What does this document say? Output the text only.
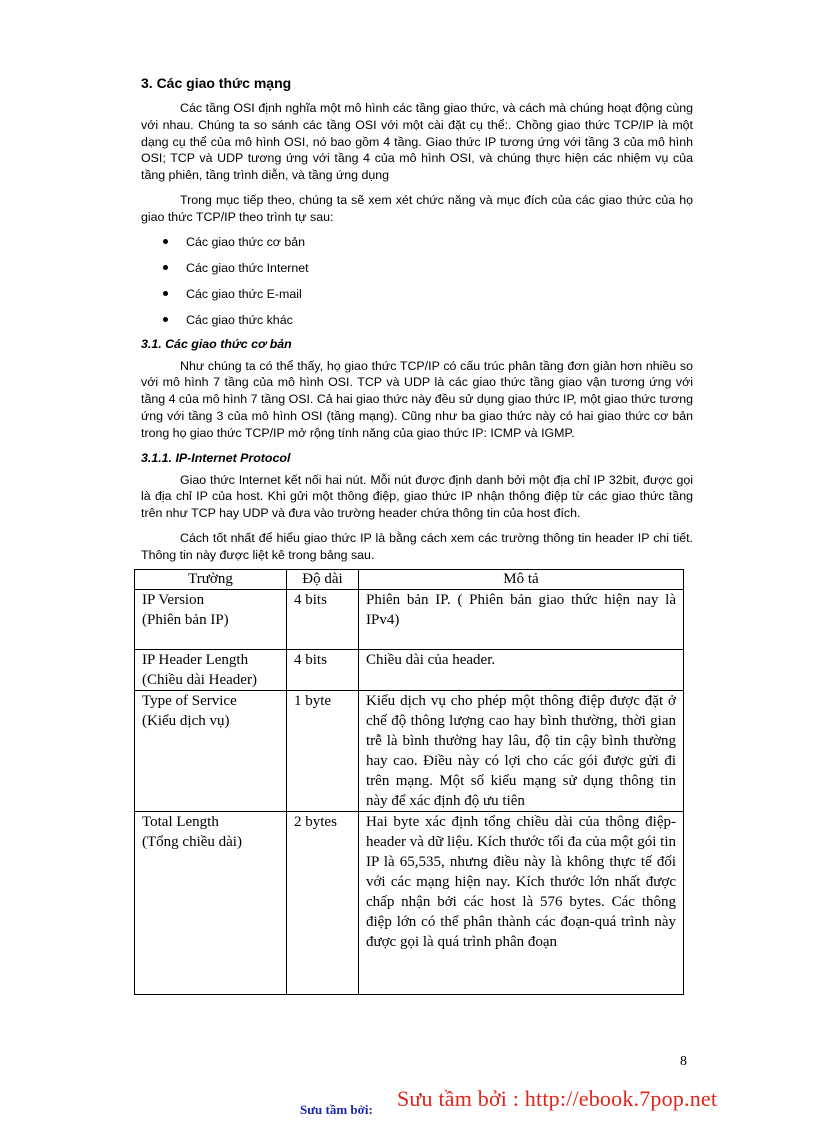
3. Các giao thức mạng

Các tầng OSI định nghĩa một mô hình các tầng giao thức, và cách mà chúng hoạt động cùng với nhau. Chúng ta so sánh các tầng OSI với một cài đặt cụ thể:. Chồng giao thức TCP/IP là một dạng cụ thể của mô hình OSI, nó bao gồm 4 tầng. Giao thức IP tương ứng với tầng 3 của mô hình OSI; TCP và UDP tương ứng với tầng 4 của mô hình OSI, và chúng thực hiện các nhiệm vụ của tầng phiên, tầng trình diễn, và tầng ứng dụng

Trong mục tiếp theo, chúng ta sẽ xem xét chức năng và mục đích của các giao thức của họ giao thức TCP/IP theo trình tự sau:

Các giao thức cơ bản
Các giao thức Internet
Các giao thức E-mail
Các giao thức khác
3.1. Các giao thức cơ bản

Như chúng ta có thể thấy, họ giao thức TCP/IP có cấu trúc phân tầng đơn giản hơn nhiều so với mô hình 7 tầng của mô hình OSI. TCP và UDP là các giao thức tầng giao vận tương ứng với tầng 4 của mô hình 7 tầng OSI. Cả hai giao thức này đều sử dụng giao thức IP, một giao thức tương ứng với tầng 3 của mô hình OSI (tầng mạng). Cũng như ba giao thức này có hai giao thức cơ bản trong họ giao thức TCP/IP mở rộng tính năng của giao thức IP: ICMP và IGMP.

3.1.1. IP-Internet Protocol

Giao thức Internet kết nối hai nút. Mỗi nút được định danh bởi một địa chỉ IP 32bit, được gọi là địa chỉ IP của host. Khi gửi một thông điệp, giao thức IP nhận thông điệp từ các giao thức tầng trên như TCP hay UDP và đưa vào trường header chứa thông tin của host đích.

Cách tốt nhất để hiểu giao thức IP là bằng cách xem các trường thông tin header IP chi tiết. Thông tin này được liệt kê trong bảng sau.

Trường	Độ dài	Mô tả

IP Version
(Phiên bản IP)	4 bits	Phiên bản IP. ( Phiên bản giao thức hiện nay là IPv4)

IP Header Length
(Chiều dài Header)	4 bits	Chiều dài của header.

Type of Service
(Kiểu dịch vụ)	1 byte	Kiểu dịch vụ cho phép một thông điệp được đặt ở chế độ thông lượng cao hay bình thường, thời gian trễ là bình thường hay lâu, độ tin cậy bình thường hay cao. Điều này có lợi cho các gói được gửi đi trên mạng. Một số kiểu mạng sử dụng thông tin này để xác định độ ưu tiên

Total Length
(Tổng chiều dài)	2 bytes	Hai byte xác định tổng chiều dài của thông điệp-header và dữ liệu. Kích thước tối đa của một gói tin IP là 65,535, nhưng điều này là không thực tế đối với các mạng hiện nay. Kích thước lớn nhất được chấp nhận bởi các host là 576 bytes. Các thông điệp lớn có thể phân thành các đoạn-quá trình này được gọi là quá trình phân đoạn
8
Sưu tầm bởi: Sưu tầm bởi : http://ebook.7pop.net
